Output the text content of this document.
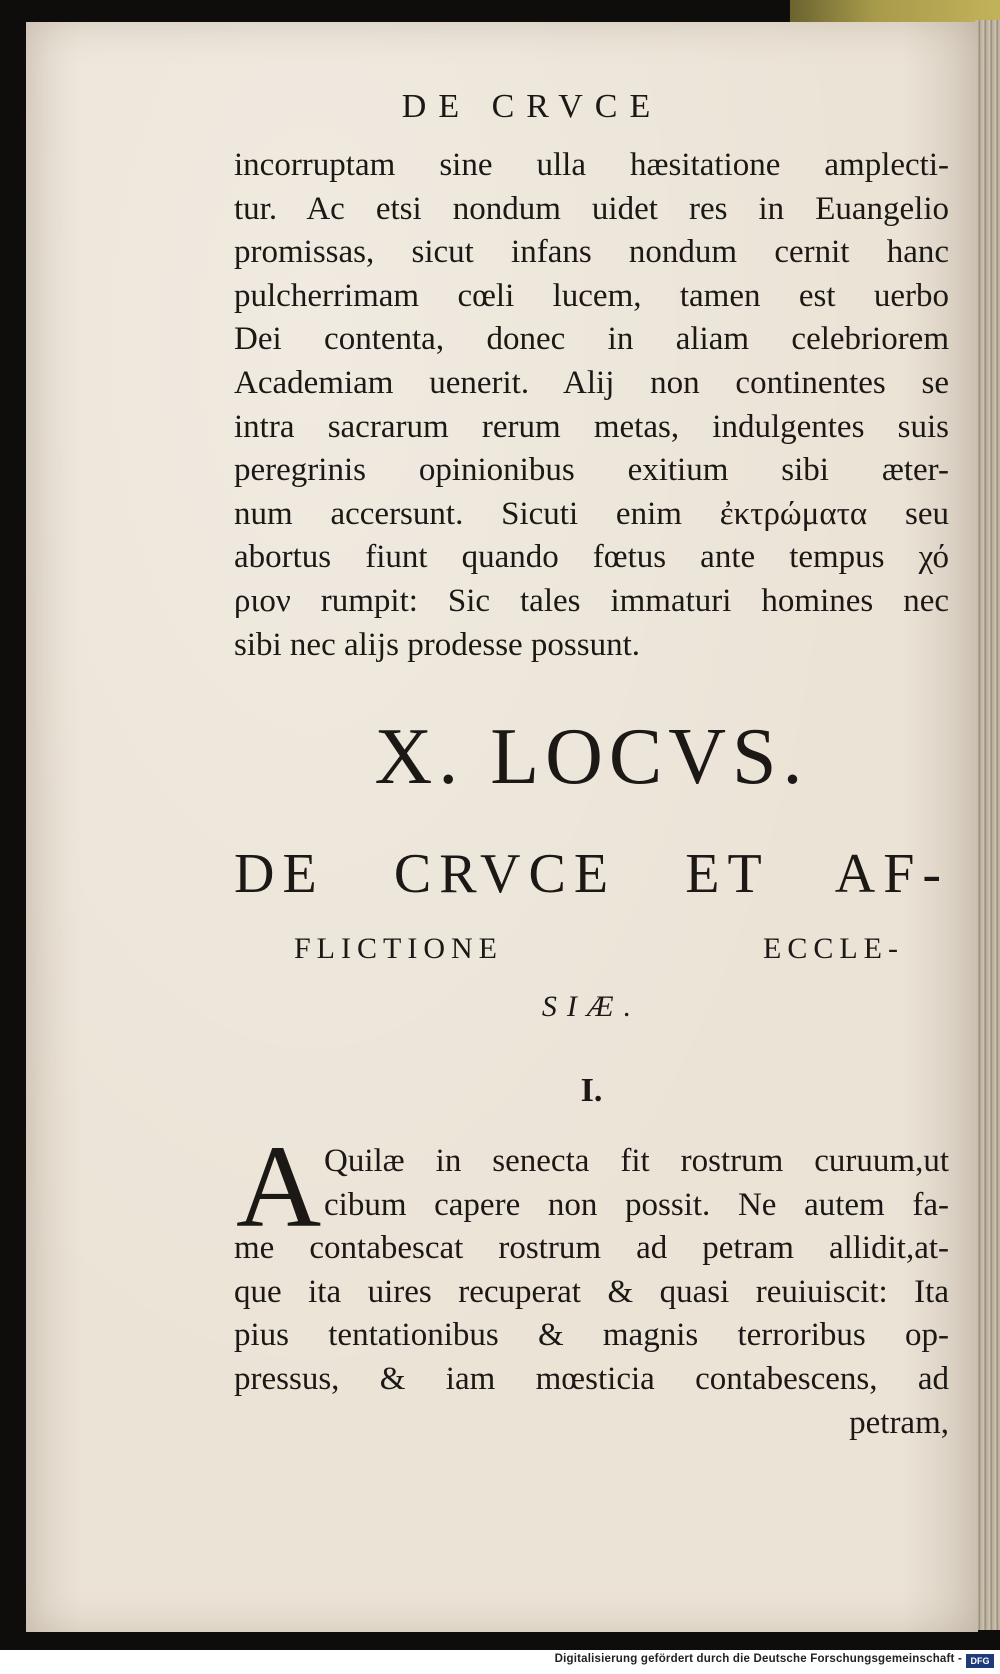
DE CRVCE
incorruptam sine ulla hæsitatione amplecti-
tur. Ac etsi nondum uidet res in Euangelio
promissas, sicut infans nondum cernit hanc
pulcherrimam cœli lucem, tamen est uerbo
Dei contenta, donec in aliam celebriorem
Academiam uenerit. Alij non continentes se
intra sacrarum rerum metas, indulgentes suis
peregrinis opinionibus exitium sibi æter-
num accersunt. Sicuti enim ἐκτρώματα seu
abortus fiunt quando fœtus ante tempus χό
ριον rumpit: Sic tales immaturi homines nec
sibi nec alijs prodesse possunt.
X. LOCVS.
DE CRVCE ET AF-
FLICTIONE ECCLE-
SIÆ.
I.
A Quilæ in senecta fit rostrum curuum,ut
cibum capere non possit. Ne autem fa-
me contabescat rostrum ad petram allidit,at-
que ita uires recuperat & quasi reuiuiscit: Ita
pius tentationibus & magnis terroribus op-
pressus, & iam mœsticia contabescens, ad
petram,
Digitalisierung gefördert durch die Deutsche Forschungsgemeinschaft - DFG
